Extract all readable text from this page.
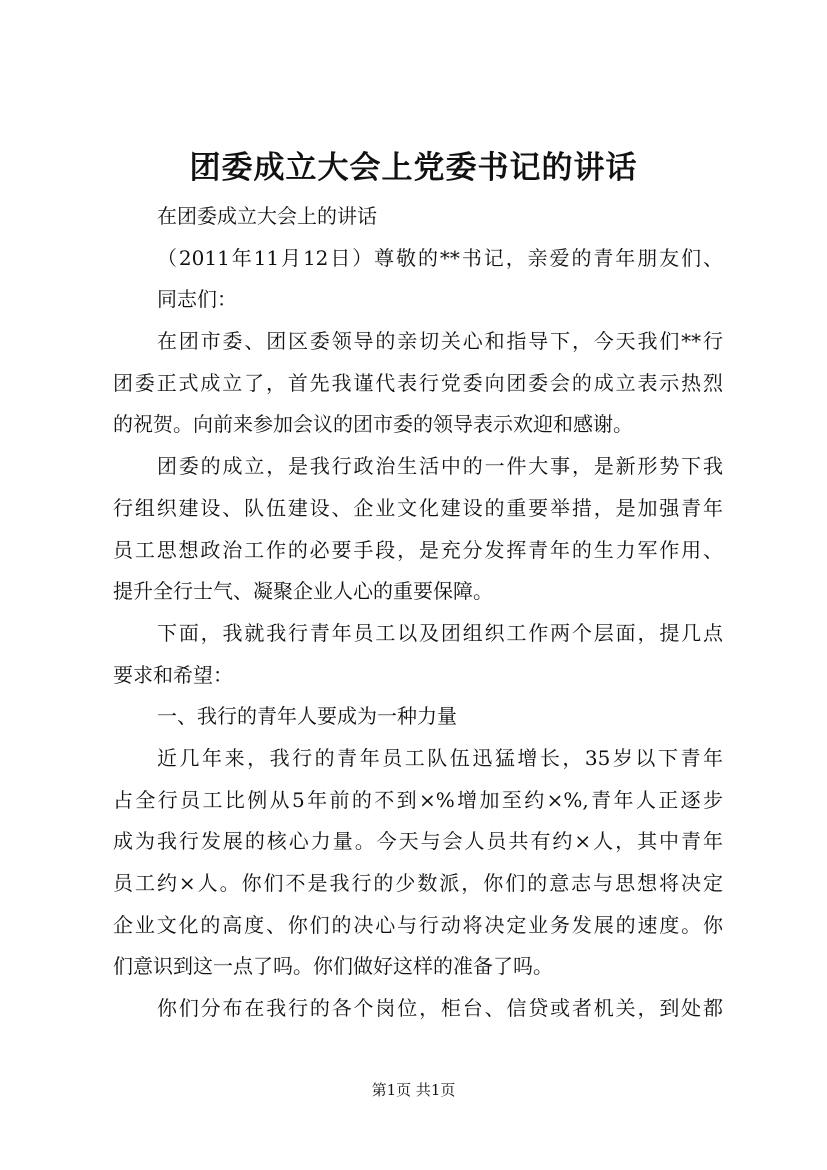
团委成立大会上党委书记的讲话
在团委成立大会上的讲话
（2011年11月12日）尊敬的**书记，亲爱的青年朋友们、
同志们：
在团市委、团区委领导的亲切关心和指导下，今天我们**行
团委正式成立了，首先我谨代表行党委向团委会的成立表示热烈
的祝贺。向前来参加会议的团市委的领导表示欢迎和感谢。
团委的成立，是我行政治生活中的一件大事，是新形势下我
行组织建设、队伍建设、企业文化建设的重要举措，是加强青年
员工思想政治工作的必要手段，是充分发挥青年的生力军作用、
提升全行士气、凝聚企业人心的重要保障。
下面，我就我行青年员工以及团组织工作两个层面，提几点
要求和希望：
一、我行的青年人要成为一种力量
近几年来，我行的青年员工队伍迅猛增长，35岁以下青年
占全行员工比例从5年前的不到×%增加至约×%,青年人正逐步
成为我行发展的核心力量。今天与会人员共有约×人，其中青年
员工约×人。你们不是我行的少数派，你们的意志与思想将决定
企业文化的高度、你们的决心与行动将决定业务发展的速度。你
们意识到这一点了吗。你们做好这样的准备了吗。
你们分布在我行的各个岗位，柜台、信贷或者机关，到处都
第1页 共1页
